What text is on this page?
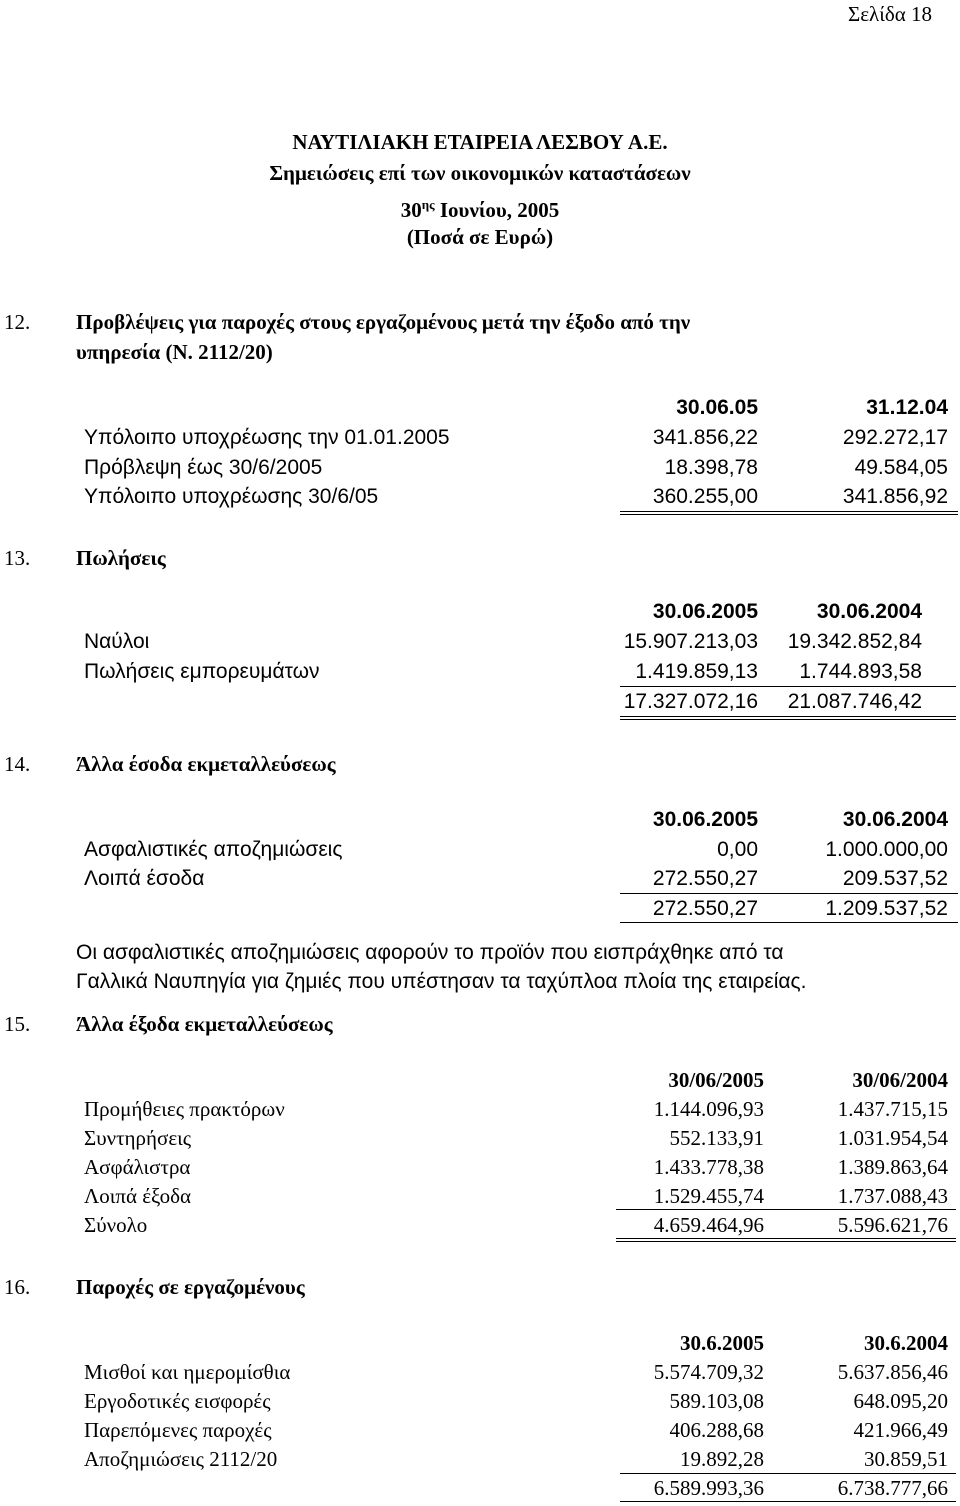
Σελίδα 18
ΝΑΥΤΙΛΙΑΚΗ ΕΤΑΙΡΕΙΑ ΛΕΣΒΟΥ Α.Ε.
Σημειώσεις επί των οικονομικών καταστάσεων
$30^{\eta\varsigma}$ Ιουνίου, 2005
(Ποσά σε Ευρώ)
12. Προβλέψεις για παροχές στους εργαζομένους μετά την έξοδο από την
υπηρεσία (Ν. 2112/20)
30.06.05	31.12.04
Υπόλοιπο υποχρέωσης την 01.01.2005	341.856,22	292.272,17
Πρόβλεψη έως 30/6/2005	18.398,78	49.584,05
Υπόλοιπο υποχρέωσης 30/6/05	360.255,00	341.856,92
13. Πωλήσεις
30.06.2005	30.06.2004
Ναύλοι	15.907.213,03 19.342.852,84
Πωλήσεις εμπορευμάτων	1.419.859,13 1.744.893,58
17.327.072,16 21.087.746,42
14. Άλλα έσοδα εκμεταλλεύσεως
30.06.2005	30.06.2004
Ασφαλιστικές αποζημιώσεις	0,00	1.000.000,00
Λοιπά έσοδα	272.550,27	209.537,52
272.550,27	1.209.537,52
Οι ασφαλιστικές αποζημιώσεις αφορούν το προϊόν που εισπράχθηκε από τα
Γαλλικά Ναυπηγία για ζημιές που υπέστησαν τα ταχύπλοα πλοία της εταιρείας.
15. Άλλα έξοδα εκμεταλλεύσεως
30/06/2005	30/06/2004
Προμήθειες πρακτόρων	1.144.096,93	1.437.715,15
Συντηρήσεις	552.133,91	1.031.954,54
Ασφάλιστρα	1.433.778,38	1.389.863,64
Λοιπά έξοδα	1.529.455,74	1.737.088,43
Σύνολο	4.659.464,96	5.596.621,76
16. Παροχές σε εργαζομένους
30.6.2005	30.6.2004
Μισθοί και ημερομίσθια	5.574.709,32	5.637.856,46
Εργοδοτικές εισφορές	589.103,08	648.095,20
Παρεπόμενες παροχές	406.288,68	421.966,49
Αποζημιώσεις 2112/20	19.892,28	30.859,51
6.589.993,36	6.738.777,66
